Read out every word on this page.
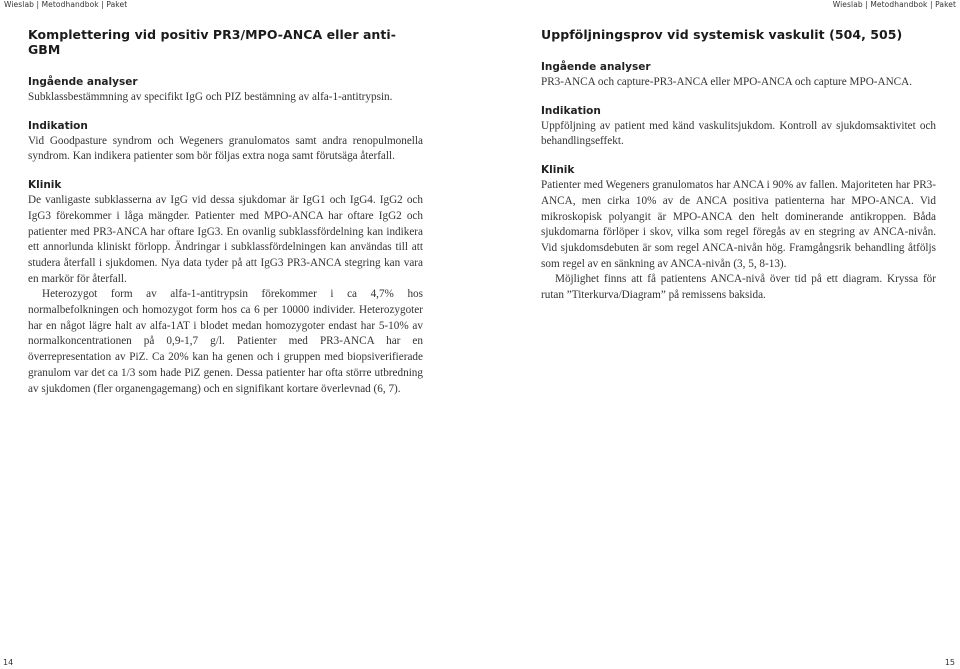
Wieslab | Metodhandbok | Paket	Wieslab | Metodhandbok | Paket
Komplettering vid positiv PR3/MPO-ANCA eller anti-GBM
Ingående analyser

Subklassbestämmning av specifikt IgG och PIZ bestämning av alfa-1-antitrypsin.

Indikation

Vid Goodpasture syndrom och Wegeners granulomatos samt andra renopulmonella syndrom. Kan indikera patienter som bör följas extra noga samt förutsäga återfall.

Klinik

De vanligaste subklasserna av IgG vid dessa sjukdomar är IgG1 och IgG4. IgG2 och IgG3 förekommer i låga mängder. Patienter med MPO-ANCA har oftare IgG2 och patienter med PR3-ANCA har oftare IgG3. En ovanlig subklassfördelning kan indikera ett annorlunda kliniskt förlopp. Ändringar i subklassfördelningen kan användas till att studera återfall i sjukdomen. Nya data tyder på att IgG3 PR3-ANCA stegring kan vara en markör för återfall.

Heterozygot form av alfa-1-antitrypsin förekommer i ca 4,7% hos normalbefolkningen och homozygot form hos ca 6 per 10000 individer. Heterozygoter har en något lägre halt av alfa-1AT i blodet medan homozygoter endast har 5-10% av normalkoncentrationen på 0,9-1,7 g/l. Patienter med PR3-ANCA har en överrepresentation av PiZ. Ca 20% kan ha genen och i gruppen med biopsiverifierade granulom var det ca 1/3 som hade PiZ genen. Dessa patienter har ofta större utbredning av sjukdomen (fler organengagemang) och en signifikant kortare överlevnad (6, 7).

Uppföljningsprov vid systemisk vaskulit (504, 505)
Ingående analyser

PR3-ANCA och capture-PR3-ANCA eller MPO-ANCA och capture MPO-ANCA.

Indikation

Uppföljning av patient med känd vaskulitsjukdom. Kontroll av sjukdomsaktivitet och behandlingseffekt.

Klinik

Patienter med Wegeners granulomatos har ANCA i 90% av fallen. Majoriteten har PR3-ANCA, men cirka 10% av de ANCA positiva patienterna har MPO-ANCA. Vid mikroskopisk polyangit är MPO-ANCA den helt dominerande antikroppen. Båda sjukdomarna förlöper i skov, vilka som regel föregås av en stegring av ANCA-nivån. Vid sjukdomsdebuten är som regel ANCA-nivån hög. Framgångsrik behandling åtföljs som regel av en sänkning av ANCA-nivån (3, 5, 8-13).

Möjlighet finns att få patientens ANCA-nivå över tid på ett diagram. Kryssa för rutan ”Titerkurva/Diagram” på remissens baksida.

14	15
